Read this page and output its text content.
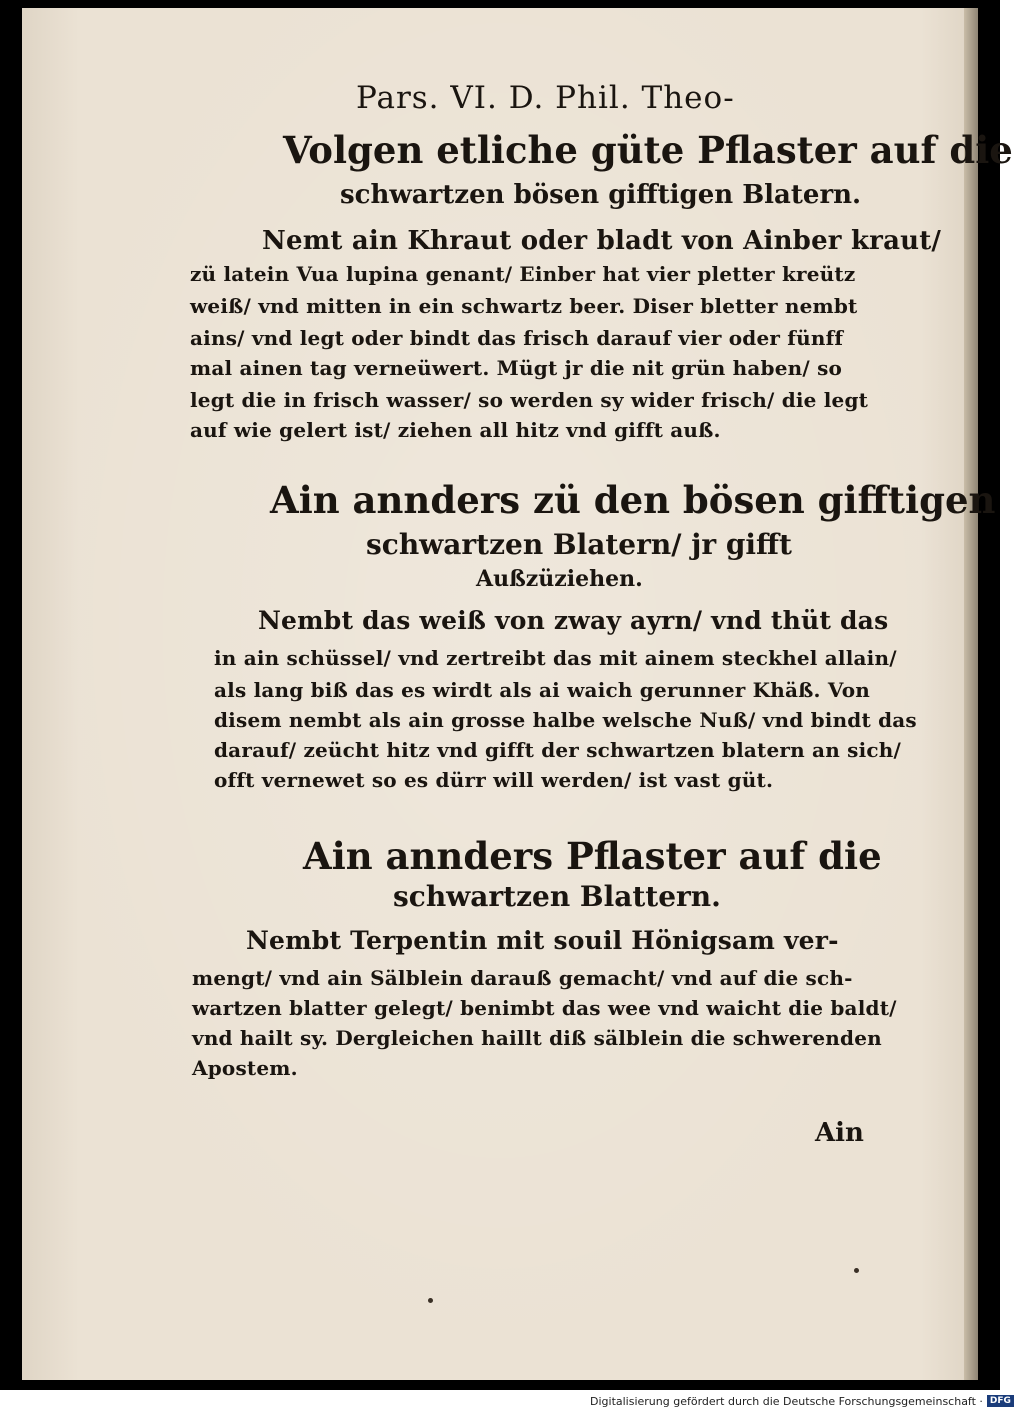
Pars. VI. D. Phil. Theo-
Volgen etliche güte Pflaster auf die
schwartzen bösen gifftigen Blatern.
Nemt ain Khraut oder bladt von Ainber kraut/
zü latein Vua lupina genant/ Einber hat vier pletter kreütz
weiß/ vnd mitten in ein schwartz beer. Diser bletter nembt
ains/ vnd legt oder bindt das frisch darauf vier oder fünff
mal ainen tag verneüwert. Mügt jr die nit grün haben/ so
legt die in frisch wasser/ so werden sy wider frisch/ die legt
auf wie gelert ist/ ziehen all hitz vnd gifft auß.
Ain annders zü den bösen gifftigen
schwartzen Blatern/ jr gifft
Außzüziehen.
Nembt das weiß von zway ayrn/ vnd thüt das
in ain schüssel/ vnd zertreibt das mit ainem steckhel allain/
als lang biß das es wirdt als ai waich gerunner Khäß. Von
disem nembt als ain grosse halbe welsche Nuß/ vnd bindt das
darauf/ zeücht hitz vnd gifft der schwartzen blatern an sich/
offt vernewet so es dürr will werden/ ist vast güt.
Ain annders Pflaster auf die
schwartzen Blattern.
Nembt Terpentin mit souil Hönigsam ver-
mengt/ vnd ain Sälblein darauß gemacht/ vnd auf die sch-
wartzen blatter gelegt/ benimbt das wee vnd waicht die baldt/
vnd hailt sy. Dergleichen haillt diß sälblein die schwerenden
Apostem.
Ain
Digitalisierung gefördert durch die Deutsche Forschungsgemeinschaft · DFG
